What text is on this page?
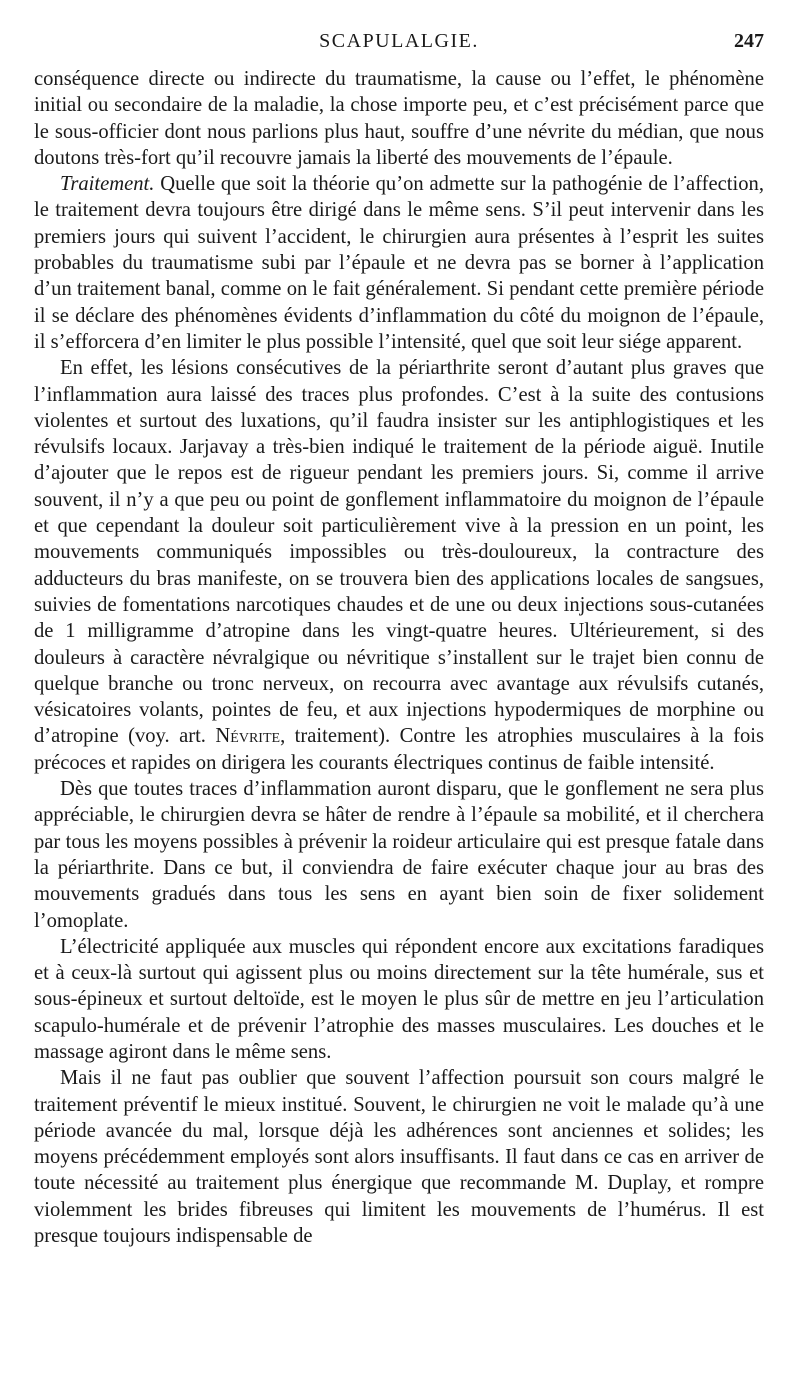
SCAPULALGIE.	247

conséquence directe ou indirecte du traumatisme, la cause ou l’effet, le phénomène initial ou secondaire de la maladie, la chose importe peu, et c’est précisément parce que le sous-officier dont nous parlions plus haut, souffre d’une névrite du médian, que nous doutons très-fort qu’il recouvre jamais la liberté des mouvements de l’épaule.

Traitement. Quelle que soit la théorie qu’on admette sur la pathogénie de l’affection, le traitement devra toujours être dirigé dans le même sens. S’il peut intervenir dans les premiers jours qui suivent l’accident, le chirurgien aura présentes à l’esprit les suites probables du traumatisme subi par l’épaule et ne devra pas se borner à l’application d’un traitement banal, comme on le fait généralement. Si pendant cette première période il se déclare des phénomènes évidents d’inflammation du côté du moignon de l’épaule, il s’efforcera d’en limiter le plus possible l’intensité, quel que soit leur siége apparent.

En effet, les lésions consécutives de la périarthrite seront d’autant plus graves que l’inflammation aura laissé des traces plus profondes. C’est à la suite des contusions violentes et surtout des luxations, qu’il faudra insister sur les antiphlogistiques et les révulsifs locaux. Jarjavay a très-bien indiqué le traitement de la période aiguë. Inutile d’ajouter que le repos est de rigueur pendant les premiers jours. Si, comme il arrive souvent, il n’y a que peu ou point de gonflement inflammatoire du moignon de l’épaule et que cependant la douleur soit particulièrement vive à la pression en un point, les mouvements communiqués impossibles ou très-douloureux, la contracture des adducteurs du bras manifeste, on se trouvera bien des applications locales de sangsues, suivies de fomentations narcotiques chaudes et de une ou deux injections sous-cutanées de 1 milligramme d’atropine dans les vingt-quatre heures. Ultérieurement, si des douleurs à caractère névralgique ou névritique s’installent sur le trajet bien connu de quelque branche ou tronc nerveux, on recourra avec avantage aux révulsifs cutanés, vésicatoires volants, pointes de feu, et aux injections hypodermiques de morphine ou d’atropine (voy. art. Névrite, traitement). Contre les atrophies musculaires à la fois précoces et rapides on dirigera les courants électriques continus de faible intensité.

Dès que toutes traces d’inflammation auront disparu, que le gonflement ne sera plus appréciable, le chirurgien devra se hâter de rendre à l’épaule sa mobilité, et il cherchera par tous les moyens possibles à prévenir la roideur articulaire qui est presque fatale dans la périarthrite. Dans ce but, il conviendra de faire exécuter chaque jour au bras des mouvements gradués dans tous les sens en ayant bien soin de fixer solidement l’omoplate.

L’électricité appliquée aux muscles qui répondent encore aux excitations faradiques et à ceux-là surtout qui agissent plus ou moins directement sur la tête humérale, sus et sous-épineux et surtout deltoïde, est le moyen le plus sûr de mettre en jeu l’articulation scapulo-humérale et de prévenir l’atrophie des masses musculaires. Les douches et le massage agiront dans le même sens.

Mais il ne faut pas oublier que souvent l’affection poursuit son cours malgré le traitement préventif le mieux institué. Souvent, le chirurgien ne voit le malade qu’à une période avancée du mal, lorsque déjà les adhérences sont anciennes et solides; les moyens précédemment employés sont alors insuffisants. Il faut dans ce cas en arriver de toute nécessité au traitement plus énergique que recommande M. Duplay, et rompre violemment les brides fibreuses qui limitent les mouvements de l’humérus. Il est presque toujours indispensable de
